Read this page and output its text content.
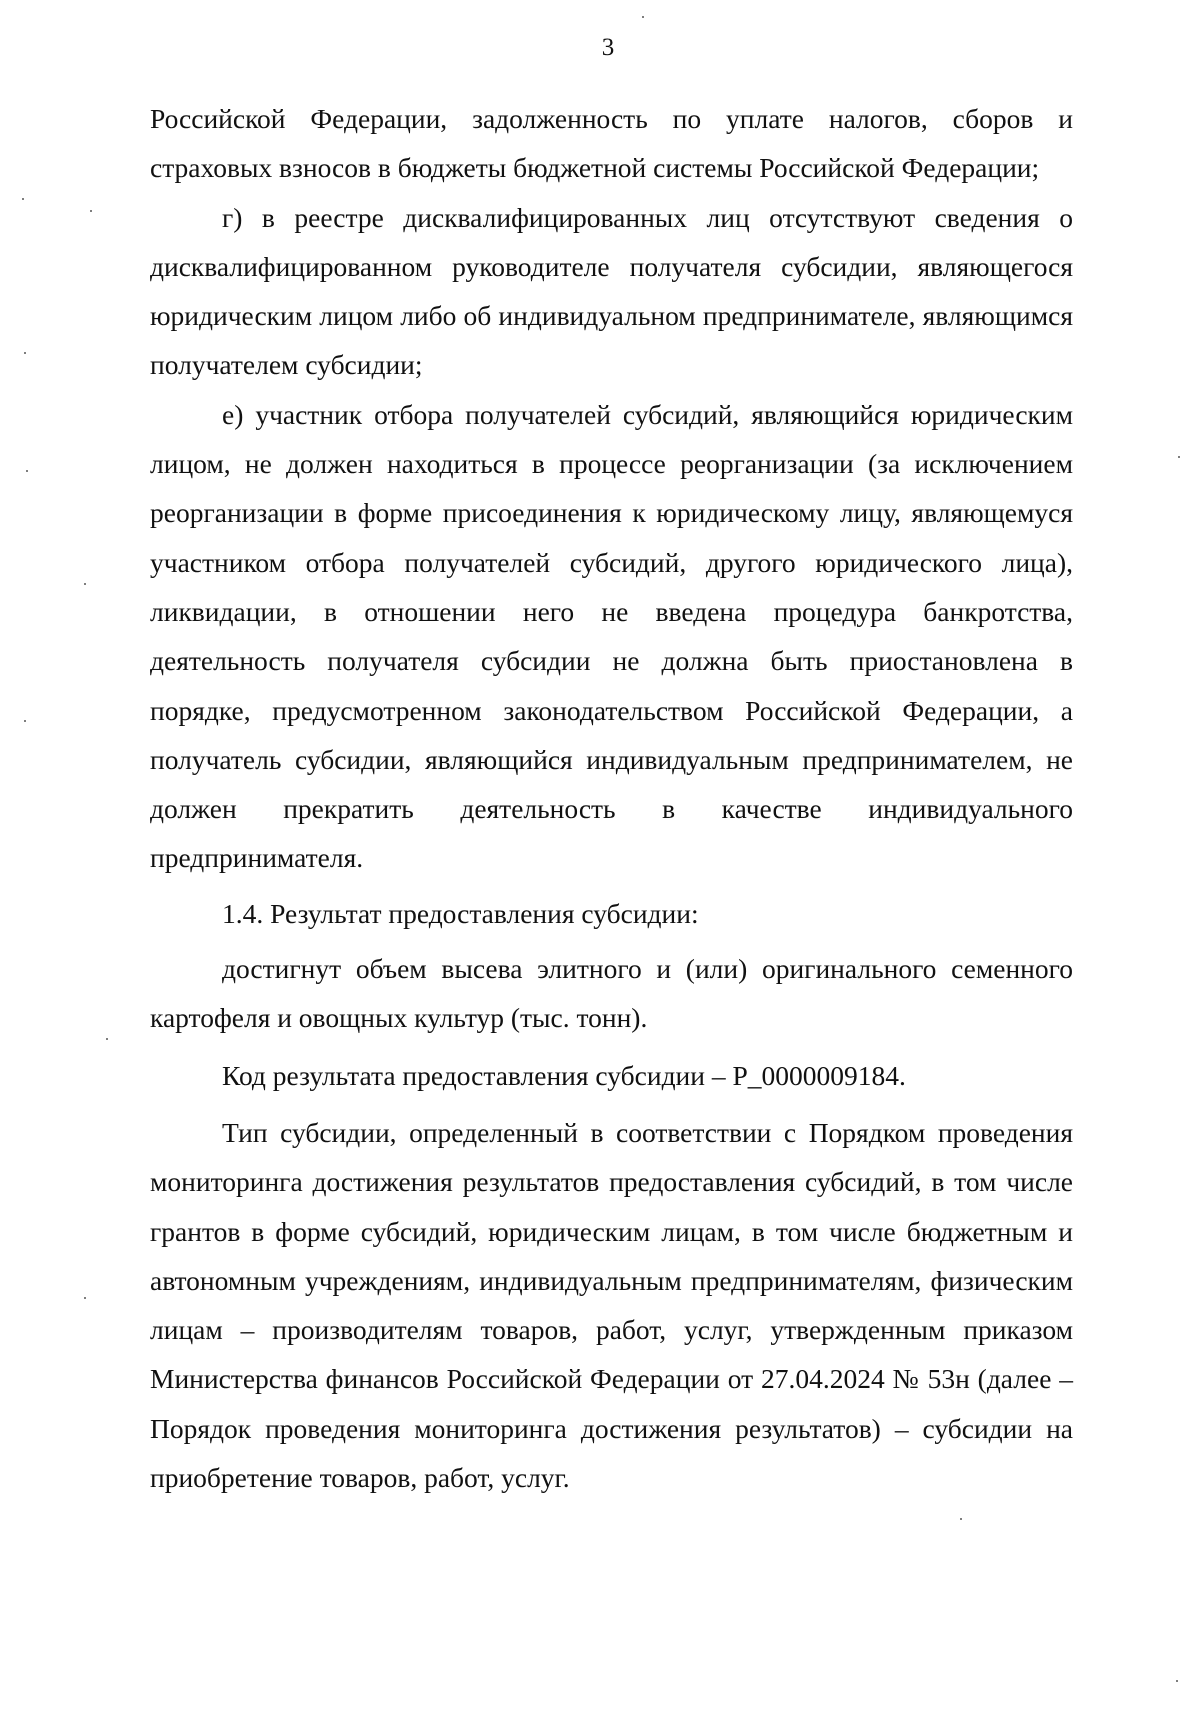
3

Российской Федерации, задолженность по уплате налогов, сборов и страховых взносов в бюджеты бюджетной системы Российской Федерации;

г) в реестре дисквалифицированных лиц отсутствуют сведения о дисквалифицированном руководителе получателя субсидии, являющегося юридическим лицом либо об индивидуальном предпринимателе, являющимся получателем субсидии;

е) участник отбора получателей субсидий, являющийся юридическим лицом, не должен находиться в процессе реорганизации (за исключением реорганизации в форме присоединения к юридическому лицу, являющемуся участником отбора получателей субсидий, другого юридического лица), ликвидации, в отношении него не введена процедура банкротства, деятельность получателя субсидии не должна быть приостановлена в порядке, предусмотренном законодательством Российской Федерации, а получатель субсидии, являющийся индивидуальным предпринимателем, не должен прекратить деятельность в качестве индивидуального предпринимателя.

1.4. Результат предоставления субсидии:

достигнут объем высева элитного и (или) оригинального семенного картофеля и овощных культур (тыс. тонн).

Код результата предоставления субсидии – Р_0000009184.

Тип субсидии, определенный в соответствии с Порядком проведения мониторинга достижения результатов предоставления субсидий, в том числе грантов в форме субсидий, юридическим лицам, в том числе бюджетным и автономным учреждениям, индивидуальным предпринимателям, физическим лицам – производителям товаров, работ, услуг, утвержденным приказом Министерства финансов Российской Федерации от 27.04.2024 № 53н (далее – Порядок проведения мониторинга достижения результатов) – субсидии на приобретение товаров, работ, услуг.
